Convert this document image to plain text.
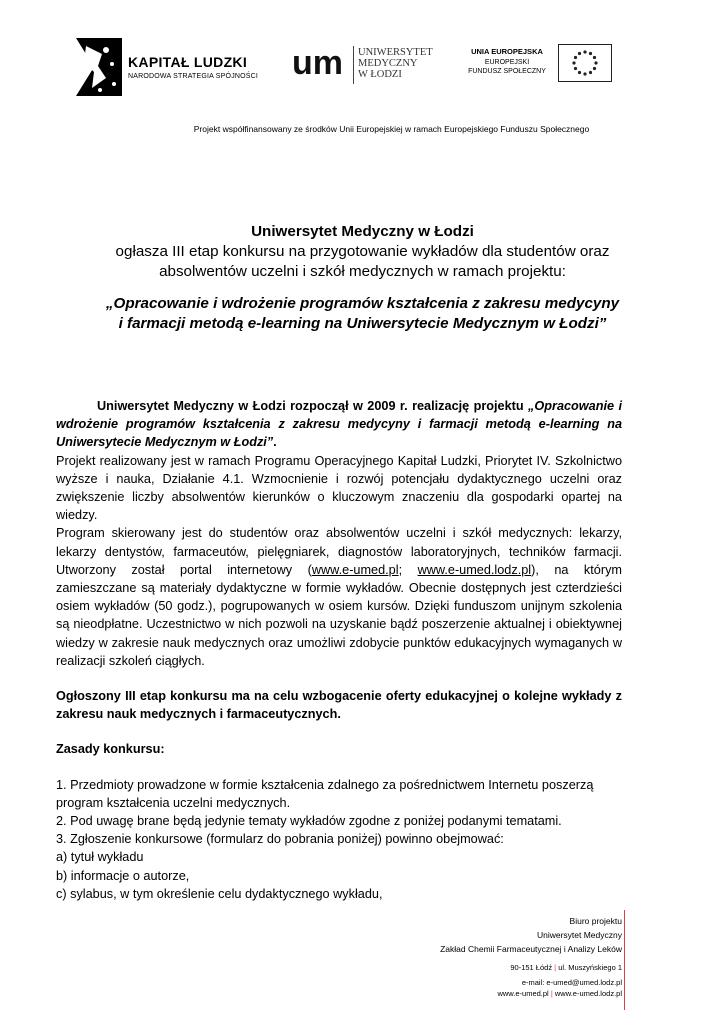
KAPITAŁ LUDZKI
NARODOWA STRATEGIA SPÓJNOŚCI um UNIWERSYTET
MEDYCZNY
W ŁODZI
UNIA EUROPEJSKA
EUROPEJSKI
FUNDUSZ SPOŁECZNY
Projekt współfinansowany ze środków Unii Europejskiej w ramach Europejskiego Funduszu Społecznego
Uniwersytet Medyczny w Łodzi
ogłasza III etap konkursu na przygotowanie wykładów dla studentów oraz
absolwentów uczelni i szkół medycznych w ramach projektu:
„Opracowanie i wdrożenie programów kształcenia z zakresu medycyny
i farmacji metodą e-learning na Uniwersytecie Medycznym w Łodzi”

Uniwersytet Medyczny w Łodzi rozpoczął w 2009 r. realizację projektu „Opracowanie i wdrożenie programów kształcenia z zakresu medycyny i farmacji metodą e-learning na Uniwersytecie Medycznym w Łodzi”.

Projekt realizowany jest w ramach Programu Operacyjnego Kapitał Ludzki, Priorytet IV. Szkolnictwo wyższe i nauka, Działanie 4.1. Wzmocnienie i rozwój potencjału dydaktycznego uczelni oraz zwiększenie liczby absolwentów kierunków o kluczowym znaczeniu dla gospodarki opartej na wiedzy.

Program skierowany jest do studentów oraz absolwentów uczelni i szkół medycznych: lekarzy, lekarzy dentystów, farmaceutów, pielęgniarek, diagnostów laboratoryjnych, techników farmacji. Utworzony został portal internetowy (www.e-umed.pl; www.e-umed.lodz.pl), na którym zamieszczane są materiały dydaktyczne w formie wykładów. Obecnie dostępnych jest czterdzieści osiem wykładów (50 godz.), pogrupowanych w osiem kursów. Dzięki funduszom unijnym szkolenia są nieodpłatne. Uczestnictwo w nich pozwoli na uzyskanie bądź poszerzenie aktualnej i obiektywnej wiedzy w zakresie nauk medycznych oraz umożliwi zdobycie punktów edukacyjnych wymaganych w realizacji szkoleń ciągłych.

Ogłoszony III etap konkursu ma na celu wzbogacenie oferty edukacyjnej o kolejne wykłady z zakresu nauk medycznych i farmaceutycznych.

Zasady konkursu:

1. Przedmioty prowadzone w formie kształcenia zdalnego za pośrednictwem Internetu poszerzą program kształcenia uczelni medycznych.

2. Pod uwagę brane będą jedynie tematy wykładów zgodne z poniżej podanymi tematami.

3. Zgłoszenie konkursowe (formularz do pobrania poniżej) powinno obejmować:

a) tytuł wykładu

b) informacje o autorze,

c) sylabus, w tym określenie celu dydaktycznego wykładu,

Biuro projektu
Uniwersytet Medyczny
Zakład Chemii Farmaceutycznej i Analizy Leków
90-151 Łódź | ul. Muszyńskiego 1
e-mail: e-umed@umed.lodz.pl
www.e-umed.pl | www.e-umed.lodz.pl
